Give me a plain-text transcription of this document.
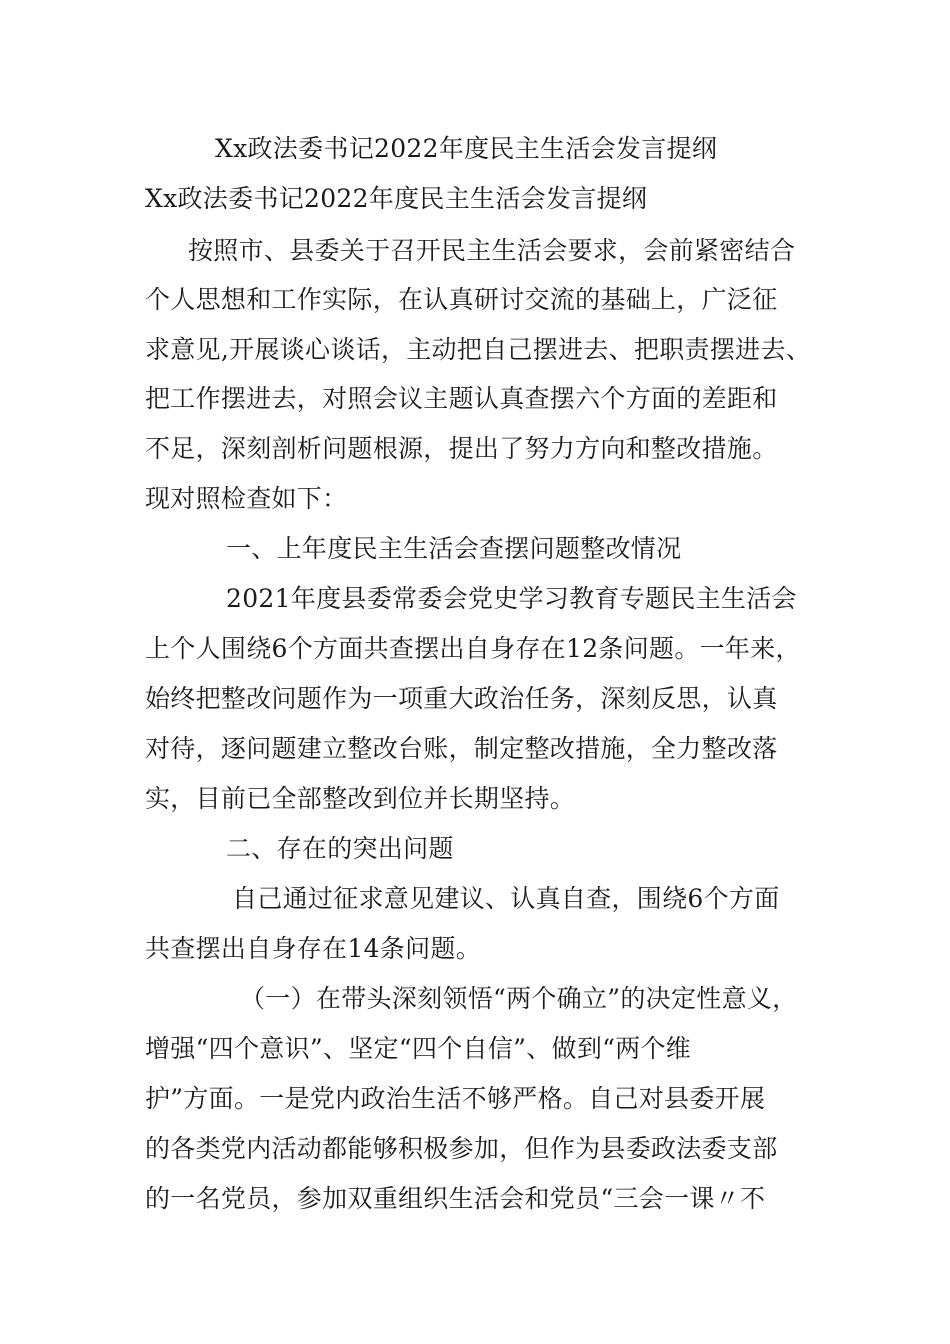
Xx政法委书记2022年度民主生活会发言提纲
Xx政法委书记2022年度民主生活会发言提纲
按照市、县委关于召开民主生活会要求，会前紧密结合
个人思想和工作实际，在认真研讨交流的基础上，广泛征
求意见,开展谈心谈话，主动把自己摆进去、把职责摆进去、
把工作摆进去，对照会议主题认真查摆六个方面的差距和
不足，深刻剖析问题根源，提出了努力方向和整改措施。
现对照检查如下：
一、上年度民主生活会查摆问题整改情况
2021年度县委常委会党史学习教育专题民主生活会
上个人围绕6个方面共查摆出自身存在12条问题。一年来，
始终把整改问题作为一项重大政治任务，深刻反思，认真
对待，逐问题建立整改台账，制定整改措施，全力整改落
实，目前已全部整改到位并长期坚持。
二、存在的突出问题
自己通过征求意见建议、认真自查，围绕6个方面
共查摆出自身存在14条问题。
（一）在带头深刻领悟“两个确立”的决定性意义，
增强“四个意识”、坚定“四个自信”、做到“两个维
护”方面。一是党内政治生活不够严格。自己对县委开展
的各类党内活动都能够积极参加，但作为县委政法委支部
的一名党员，参加双重组织生活会和党员“三会一课〃不
